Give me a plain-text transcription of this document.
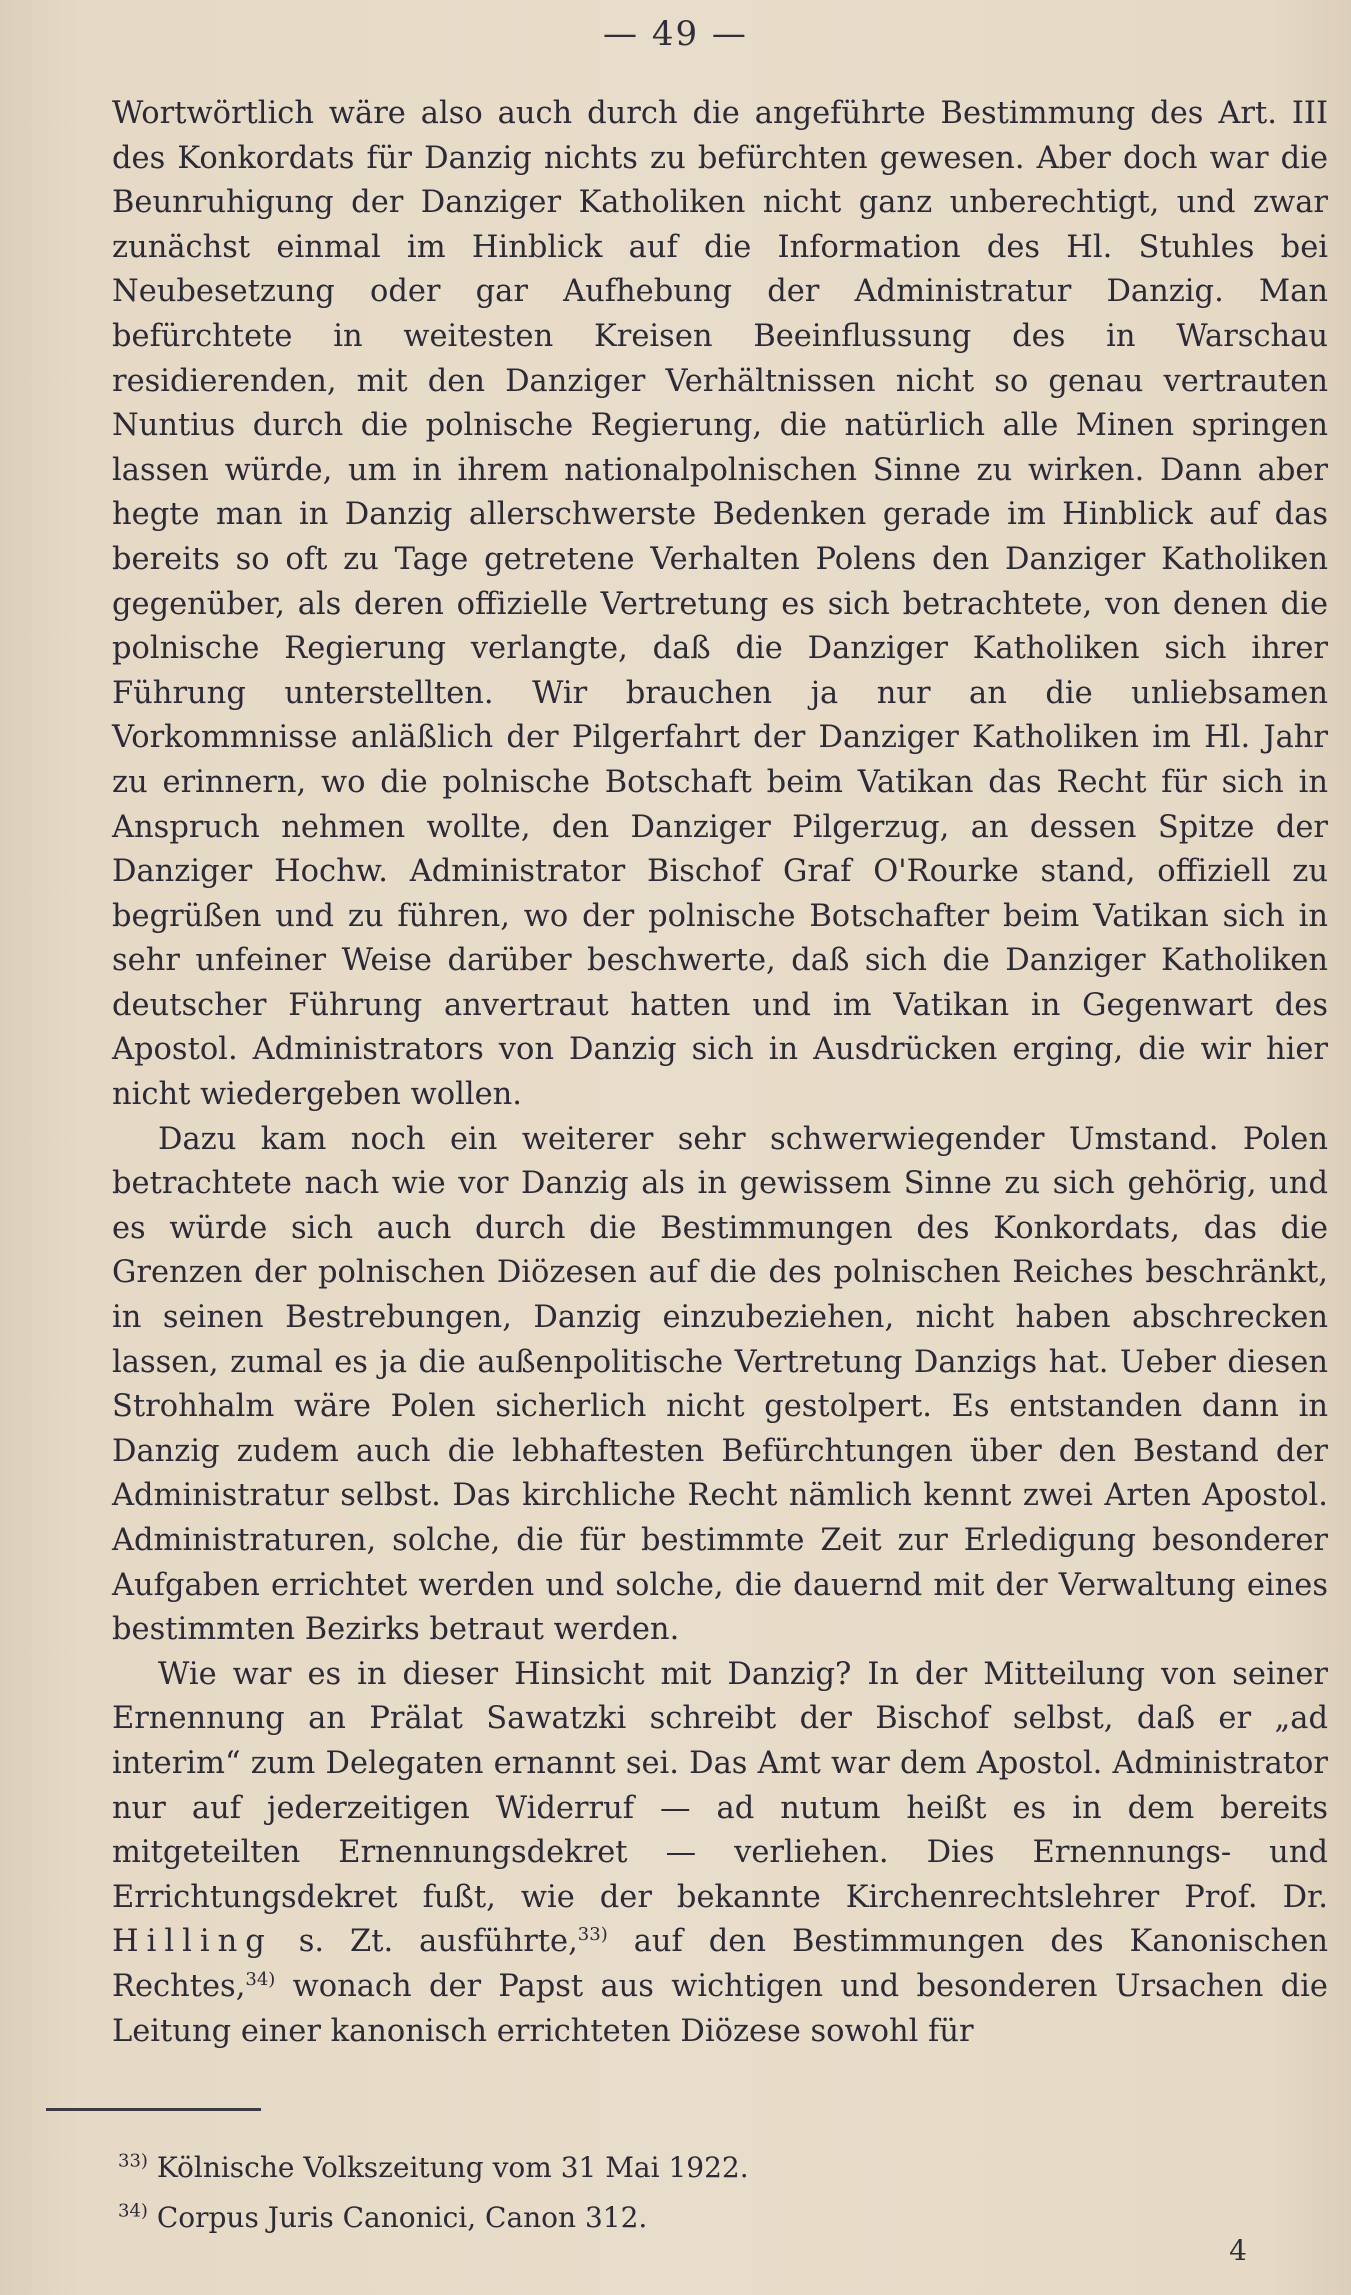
— 49 —

Wortwörtlich wäre also auch durch die angeführte Bestimmung des Art. III des Konkordats für Danzig nichts zu befürchten gewesen. Aber doch war die Beunruhigung der Danziger Katholiken nicht ganz unberechtigt, und zwar zunächst einmal im Hinblick auf die Information des Hl. Stuhles bei Neubesetzung oder gar Aufhebung der Administratur Danzig. Man befürchtete in weitesten Kreisen Beeinflussung des in Warschau residierenden, mit den Danziger Verhältnissen nicht so genau vertrauten Nuntius durch die polnische Regierung, die natürlich alle Minen springen lassen würde, um in ihrem nationalpolnischen Sinne zu wirken. Dann aber hegte man in Danzig allerschwerste Bedenken gerade im Hinblick auf das bereits so oft zu Tage getretene Verhalten Polens den Danziger Katholiken gegenüber, als deren offizielle Vertretung es sich betrachtete, von denen die polnische Regierung verlangte, daß die Danziger Katholiken sich ihrer Führung unterstellten. Wir brauchen ja nur an die unliebsamen Vorkommnisse anläßlich der Pilgerfahrt der Danziger Katholiken im Hl. Jahr zu erinnern, wo die polnische Botschaft beim Vatikan das Recht für sich in Anspruch nehmen wollte, den Danziger Pilgerzug, an dessen Spitze der Danziger Hochw. Administrator Bischof Graf O'Rourke stand, offiziell zu begrüßen und zu führen, wo der polnische Botschafter beim Vatikan sich in sehr unfeiner Weise darüber beschwerte, daß sich die Danziger Katholiken deutscher Führung anvertraut hatten und im Vatikan in Gegenwart des Apostol. Administrators von Danzig sich in Ausdrücken erging, die wir hier nicht wiedergeben wollen.

Dazu kam noch ein weiterer sehr schwerwiegender Umstand. Polen betrachtete nach wie vor Danzig als in gewissem Sinne zu sich gehörig, und es würde sich auch durch die Bestimmungen des Konkordats, das die Grenzen der polnischen Diözesen auf die des polnischen Reiches beschränkt, in seinen Bestrebungen, Danzig einzubeziehen, nicht haben abschrecken lassen, zumal es ja die außenpolitische Vertretung Danzigs hat. Ueber diesen Strohhalm wäre Polen sicherlich nicht gestolpert. Es entstanden dann in Danzig zudem auch die lebhaftesten Befürchtungen über den Bestand der Administratur selbst. Das kirchliche Recht nämlich kennt zwei Arten Apostol. Administraturen, solche, die für bestimmte Zeit zur Erledigung besonderer Aufgaben errichtet werden und solche, die dauernd mit der Verwaltung eines bestimmten Bezirks betraut werden.

Wie war es in dieser Hinsicht mit Danzig? In der Mitteilung von seiner Ernennung an Prälat Sawatzki schreibt der Bischof selbst, daß er „ad interim“ zum Delegaten ernannt sei. Das Amt war dem Apostol. Administrator nur auf jederzeitigen Widerruf — ad nutum heißt es in dem bereits mitgeteilten Ernennungsdekret — verliehen. Dies Ernennungs- und Errichtungsdekret fußt, wie der bekannte Kirchenrechtslehrer Prof. Dr. Hilling s. Zt. ausführte,$^{33)}$ auf den Bestimmungen des Kanonischen Rechtes,$^{34)}$ wonach der Papst aus wichtigen und besonderen Ursachen die Leitung einer kanonisch errichteten Diözese sowohl für

$^{33)}$ Kölnische Volkszeitung vom 31 Mai 1922.

$^{34)}$ Corpus Juris Canonici, Canon 312.

4
